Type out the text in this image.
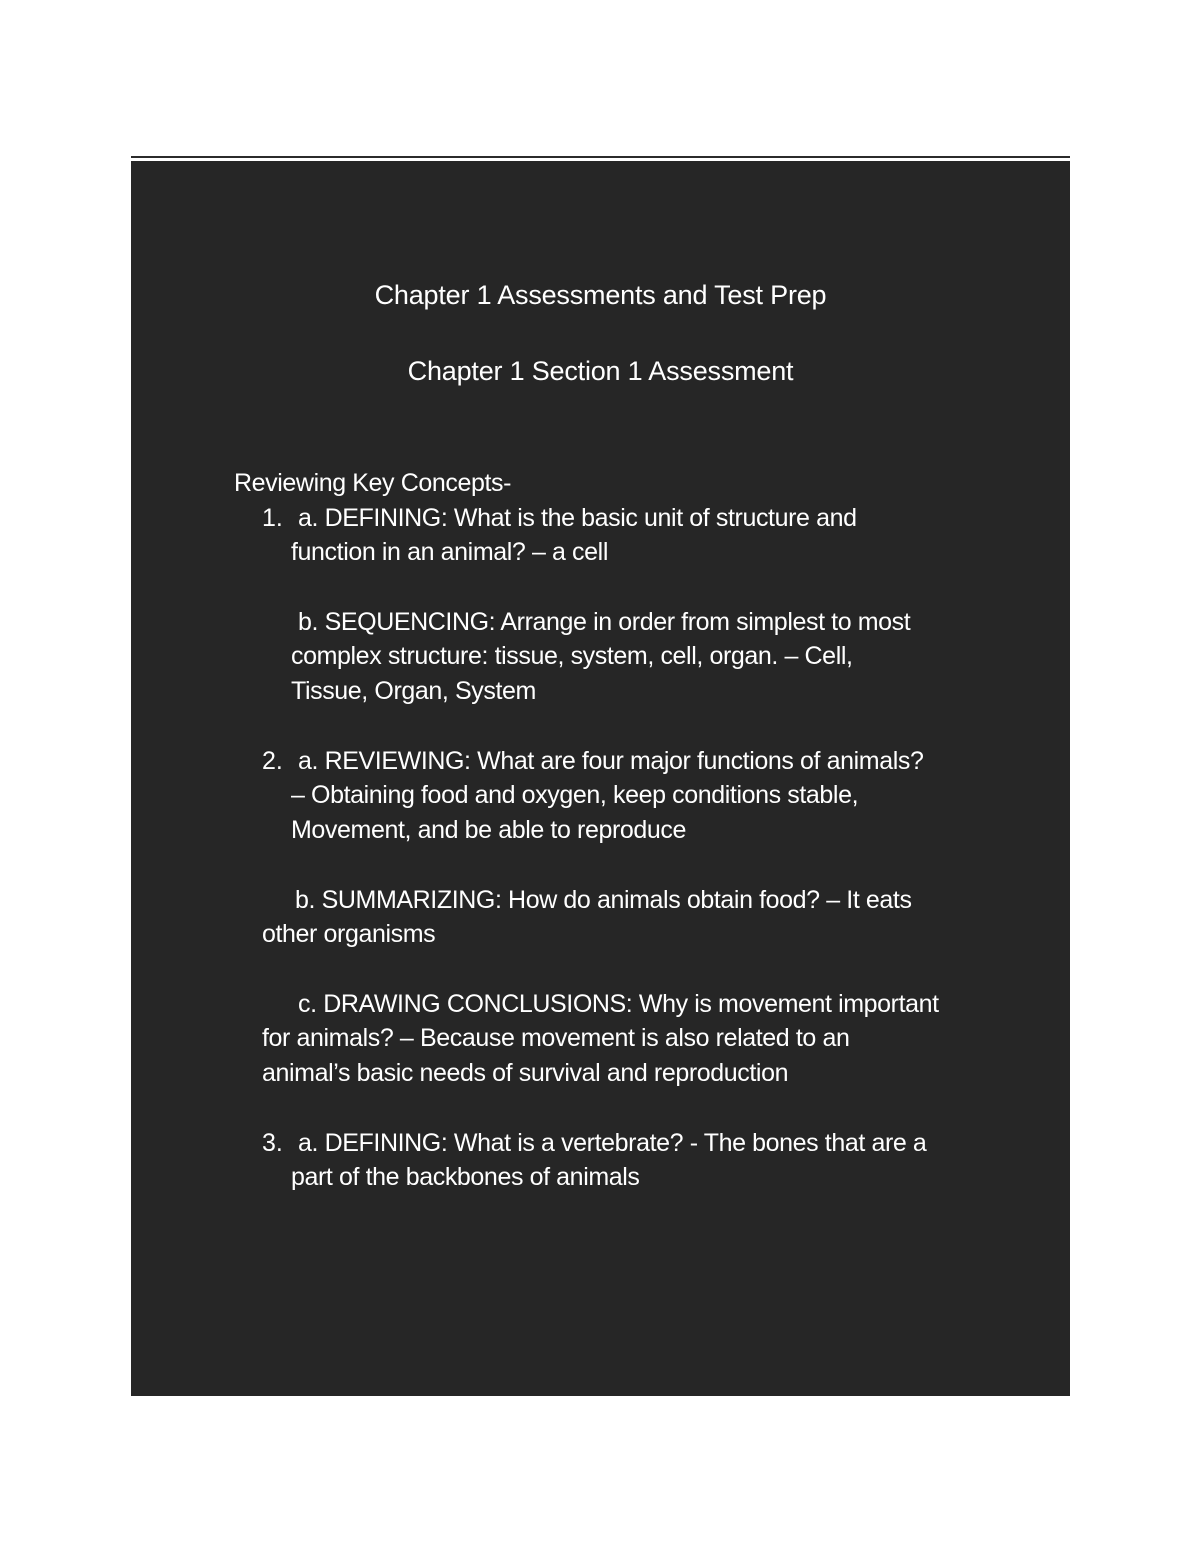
Chapter 1 Assessments and Test Prep
Chapter 1 Section 1 Assessment
Reviewing Key Concepts-
1. a. DEFINING: What is the basic unit of structure and
function in an animal? – a cell
b. SEQUENCING: Arrange in order from simplest to most
complex structure: tissue, system, cell, organ. – Cell,
Tissue, Organ, System
2. a. REVIEWING: What are four major functions of animals?
– Obtaining food and oxygen, keep conditions stable,
Movement, and be able to reproduce
b. SUMMARIZING: How do animals obtain food? – It eats
other organisms
c. DRAWING CONCLUSIONS: Why is movement important
for animals? – Because movement is also related to an
animal’s basic needs of survival and reproduction
3. a. DEFINING: What is a vertebrate? - The bones that are a
part of the backbones of animals
